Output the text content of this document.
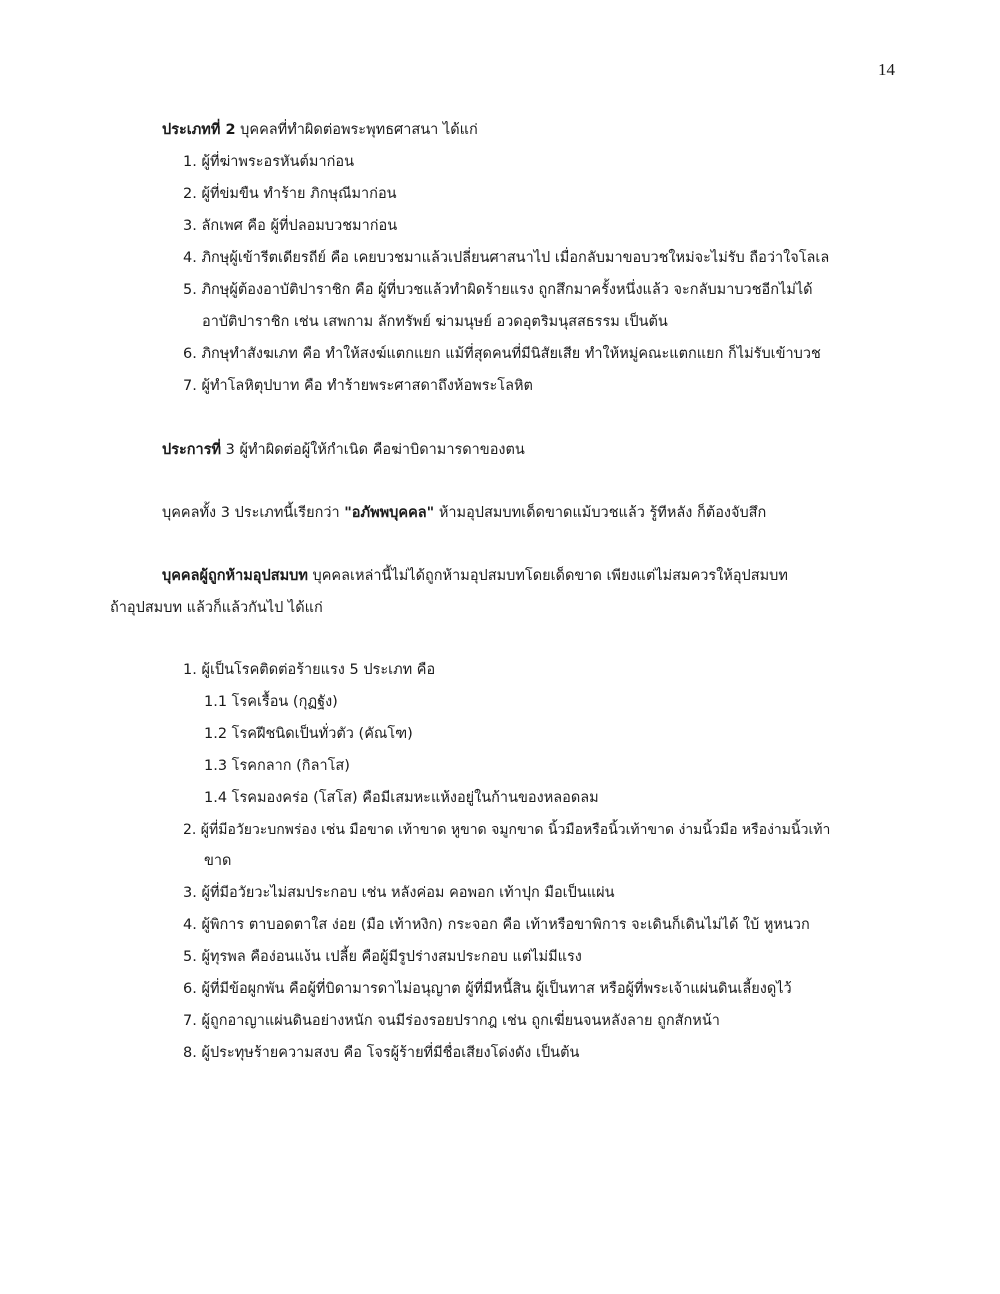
14
ประเภทที่ 2 บุคคลที่ทำผิดต่อพระพุทธศาสนา ได้แก่
1. ผู้ที่ฆ่าพระอรหันต์มาก่อน
2. ผู้ที่ข่มขืน ทำร้าย ภิกษุณีมาก่อน
3. ลักเพศ คือ ผู้ที่ปลอมบวชมาก่อน
4. ภิกษุผู้เข้ารีตเดียรถีย์ คือ เคยบวชมาแล้วเปลี่ยนศาสนาไป เมื่อกลับมาขอบวชใหม่จะไม่รับ ถือว่าใจโลเล
5. ภิกษุผู้ต้องอาบัติปาราชิก คือ ผู้ที่บวชแล้วทำผิดร้ายแรง ถูกสึกมาครั้งหนึ่งแล้ว จะกลับมาบวชอีกไม่ได้
อาบัติปาราชิก เช่น เสพกาม ลักทรัพย์ ฆ่ามนุษย์ อวดอุตริมนุสสธรรม เป็นต้น
6. ภิกษุทำสังฆเภท คือ ทำให้สงฆ์แตกแยก แม้ที่สุดคนที่มีนิสัยเสีย ทำให้หมู่คณะแตกแยก ก็ไม่รับเข้าบวช
7. ผู้ทำโลหิตุปบาท คือ ทำร้ายพระศาสดาถึงห้อพระโลหิต
ประการที่ 3 ผู้ทำผิดต่อผู้ให้กำเนิด คือฆ่าบิดามารดาของตน
บุคคลทั้ง 3 ประเภทนี้เรียกว่า "อภัพพบุคคล" ห้ามอุปสมบทเด็ดขาดแม้บวชแล้ว รู้ทีหลัง ก็ต้องจับสึก
บุคคลผู้ถูกห้ามอุปสมบท บุคคลเหล่านี้ไม่ได้ถูกห้ามอุปสมบทโดยเด็ดขาด เพียงแต่ไม่สมควรให้อุปสมบท
ถ้าอุปสมบท แล้วก็แล้วกันไป ได้แก่
1. ผู้เป็นโรคติดต่อร้ายแรง 5 ประเภท คือ
1.1 โรคเรื้อน (กุฏฐัง)
1.2 โรคฝีชนิดเป็นทั่วตัว (คัณโฑ)
1.3 โรคกลาก (กิลาโส)
1.4 โรคมองคร่อ (โสโส) คือมีเสมหะแห้งอยู่ในก้านของหลอดลม
2. ผู้ที่มีอวัยวะบกพร่อง เช่น มือขาด เท้าขาด หูขาด จมูกขาด นิ้วมือหรือนิ้วเท้าขาด ง่ามนิ้วมือ หรือง่ามนิ้วเท้า
ขาด
3. ผู้ที่มีอวัยวะไม่สมประกอบ เช่น หลังค่อม คอพอก เท้าปุก มือเป็นแผ่น
4. ผู้พิการ ตาบอดตาใส ง่อย (มือ เท้าหงิก) กระจอก คือ เท้าหรือขาพิการ จะเดินก็เดินไม่ได้ ใบ้ หูหนวก
5. ผู้ทุรพล คือง่อนแง้น เปลี้ย คือผู้มีรูปร่างสมประกอบ แต่ไม่มีแรง
6. ผู้ที่มีข้อผูกพัน คือผู้ที่บิดามารดาไม่อนุญาต ผู้ที่มีหนี้สิน ผู้เป็นทาส หรือผู้ที่พระเจ้าแผ่นดินเลี้ยงดูไว้
7. ผู้ถูกอาญาแผ่นดินอย่างหนัก จนมีร่องรอยปรากฎ เช่น ถูกเฆี่ยนจนหลังลาย ถูกสักหน้า
8. ผู้ประทุษร้ายความสงบ คือ โจรผู้ร้ายที่มีชื่อเสียงโด่งดัง เป็นต้น
